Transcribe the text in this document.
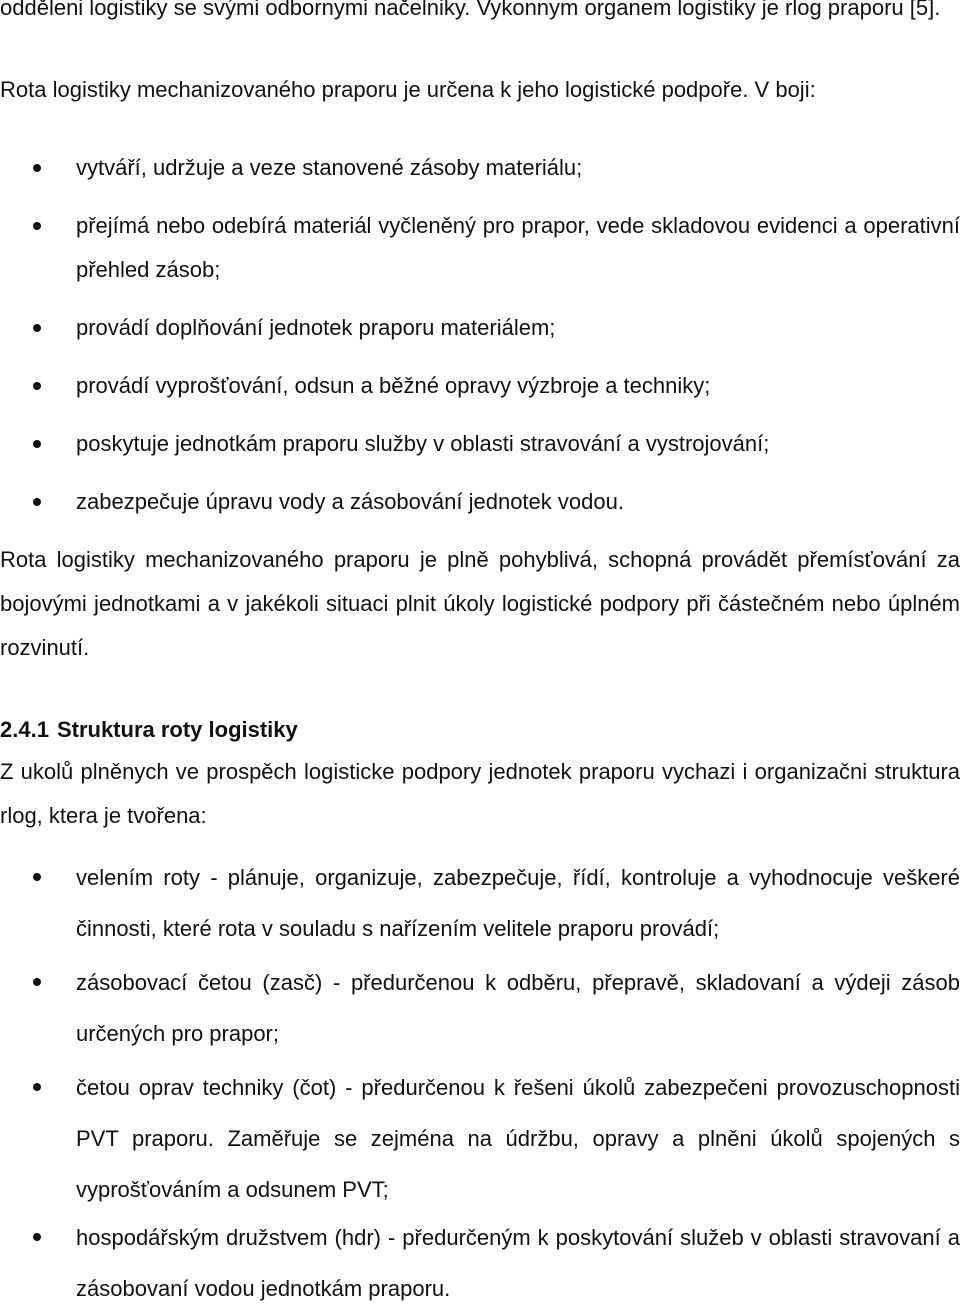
odděleni logistiky se svými odbornymi načelniky. Vykonnym organem logistiky je rlog praporu [5].

Rota logistiky mechanizovaného praporu je určena k jeho logistické podpoře. V boji:

vytváří, udržuje a veze stanovené zásoby materiálu;

přejímá nebo odebírá materiál vyčleněný pro prapor, vede skladovou evidenci a operativní přehled zásob;

provádí doplňování jednotek praporu materiálem;

provádí vyprošťování, odsun a běžné opravy výzbroje a techniky;

poskytuje jednotkám praporu služby v oblasti stravování a vystrojování;

zabezpečuje úpravu vody a zásobování jednotek vodou.

Rota logistiky mechanizovaného praporu je plně pohyblivá, schopná provádět přemísťování za bojovými jednotkami a v jakékoli situaci plnit úkoly logistické podpory při částečném nebo úplném rozvinutí.

2.4.1 Struktura roty logistiky

Z ukolů plněnych ve prospěch logisticke podpory jednotek praporu vychazi i organizačni struktura rlog, ktera je tvořena:

velením roty ‑ plánuje, organizuje, zabezpečuje, řídí, kontroluje a vyhodnocuje veškeré činnosti, které rota v souladu s nařízením velitele praporu provádí;

zásobovací četou (zasč) ‑ předurčenou k odběru, přepravě, skladovaní a výdeji zásob určených pro prapor;

četou oprav techniky (čot) ‑ předurčenou k řešeni úkolů zabezpečeni provozuschopnosti PVT praporu. Zaměřuje se zejména na údržbu, opravy a plněni úkolů spojených s vyprošťováním a odsunem PVT;

hospodářským družstvem (hdr) ‑ předurčeným k poskytování služeb v oblasti stravovaní a zásobovaní vodou jednotkám praporu.
